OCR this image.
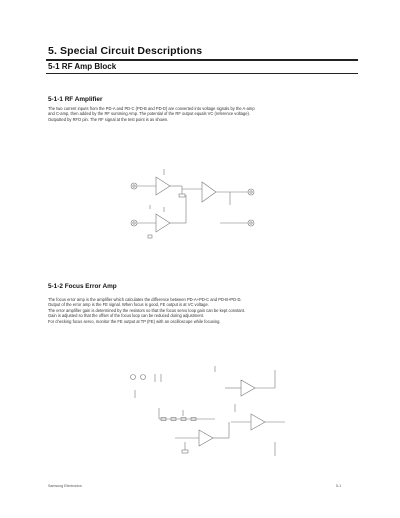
5. Special Circuit Descriptions
5-1 RF Amp Block
5-1-1 RF Amplifier
The two current inputs from the PD-A and PD-C (PD-B and PD-D) are converted into voltage signals by the A-amp
and C-amp, then added by the RF summing Amp. The potential of the RF output equals VC (reference voltage).
Outputted by RFO pin. The RF signal at the test point is as shown.
5-1-2 Focus Error Amp
The focus error amp is the amplifier which calculates the difference between PD-A+PD-C and PD-B+PD-D.
Output of the error amp is the FE signal. When focus is good, FE output is at VC voltage.
The error amplifier gain is determined by the resistors so that the focus servo loop gain can be kept constant.
Gain is adjusted so that the offset of the focus loop can be reduced during adjustment.
For checking focus servo, monitor the FE output at TP (FE) with an oscilloscope while focusing.
Samsung Electronics	5-1
